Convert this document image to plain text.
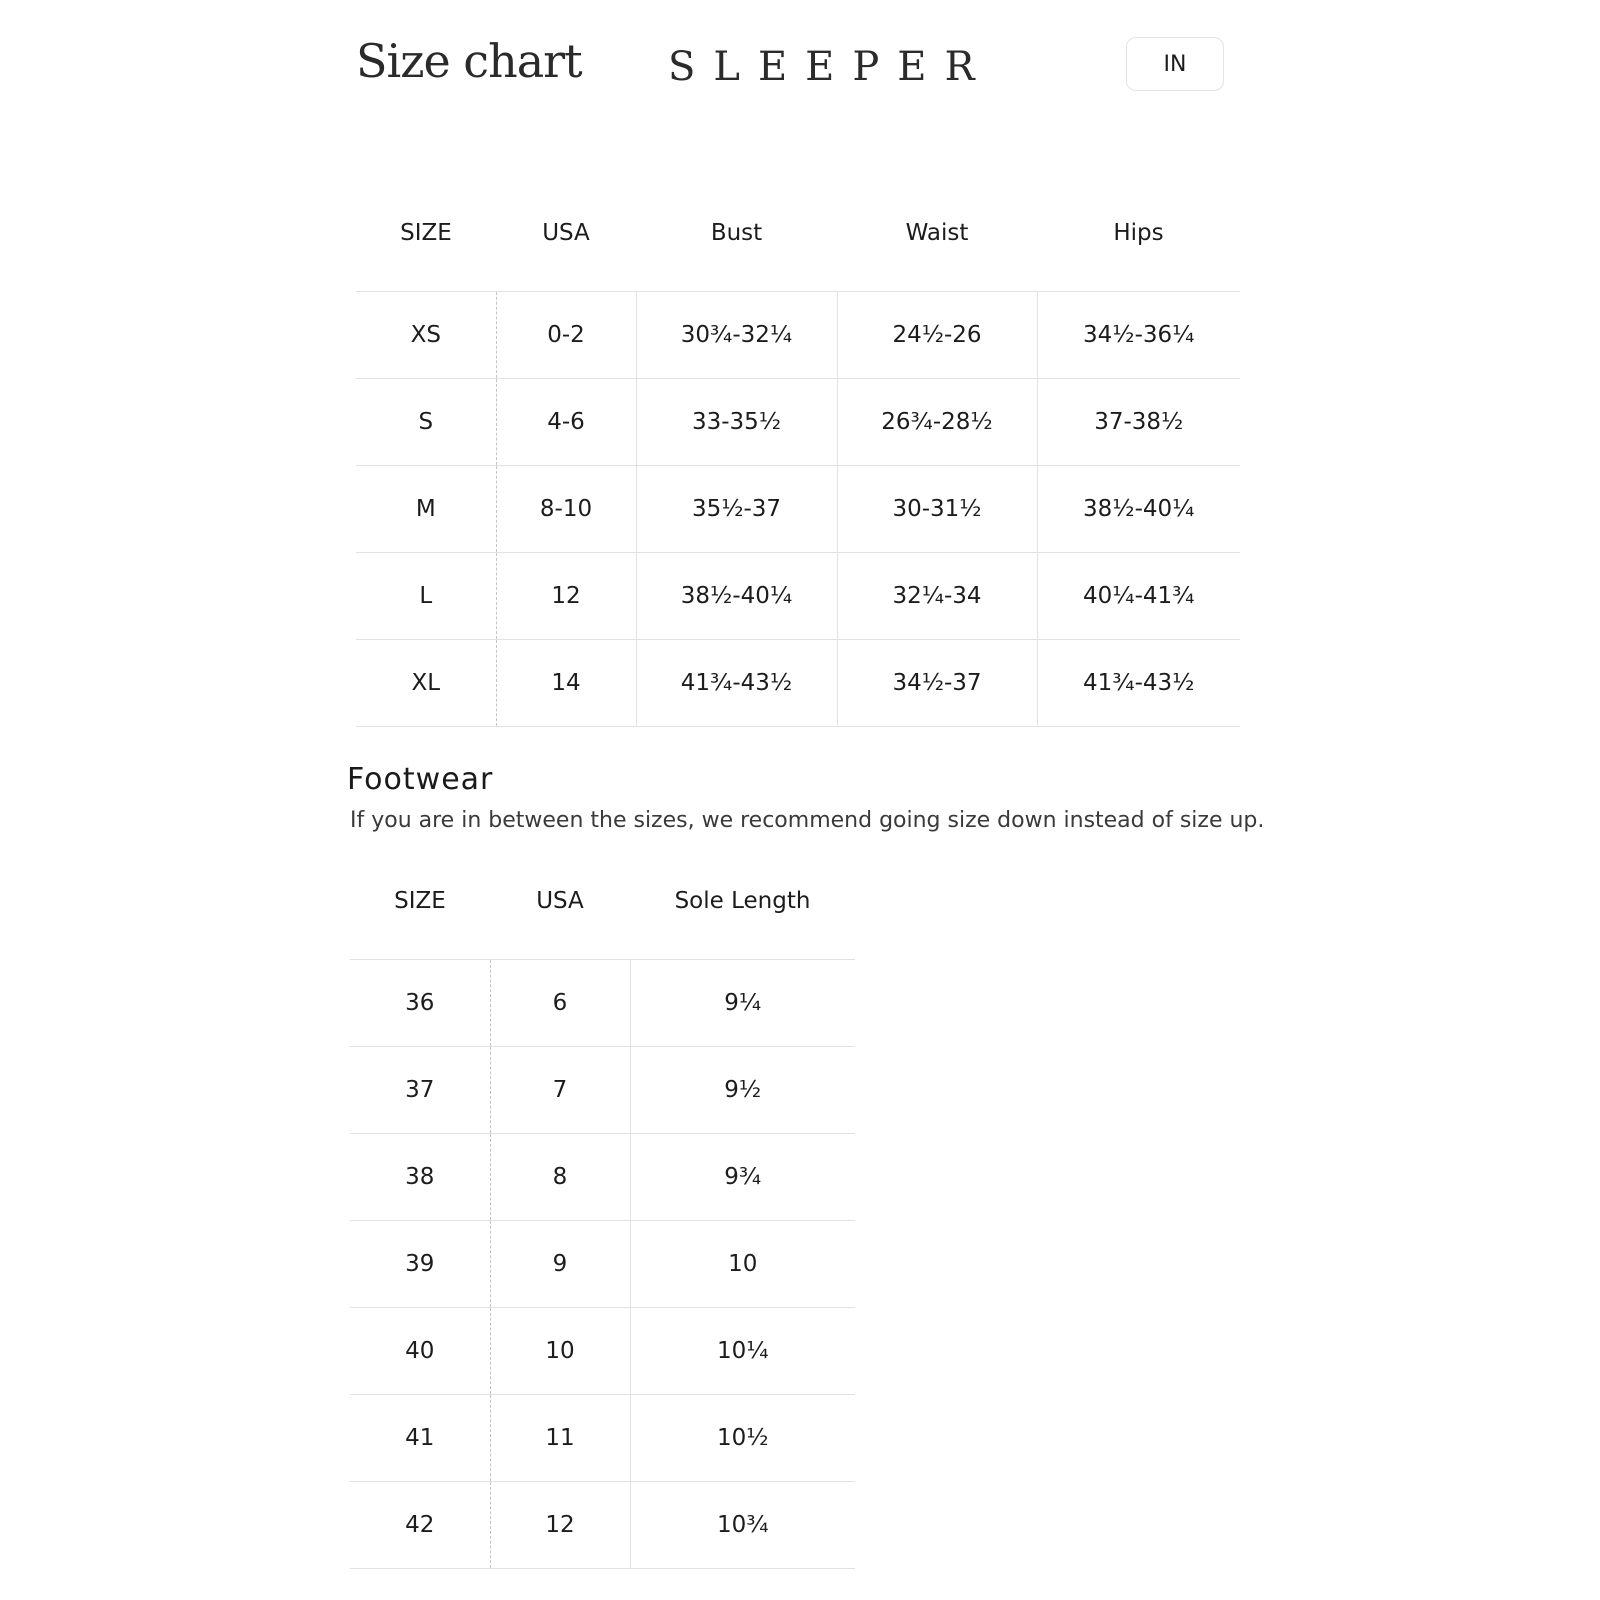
Size chart SLEEPER	IN
SIZE	USA	Bust	Waist	Hips
XS	0-2	30¾-32¼	24½-26	34½-36¼
S	4-6	33-35½	26¾-28½	37-38½
M	8-10	35½-37	30-31½	38½-40¼
L	12	38½-40¼	32¼-34	40¼-41¾
XL	14	41¾-43½	34½-37	41¾-43½
Footwear

If you are in between the sizes, we recommend going size down instead of size up.

SIZE	USA	Sole Length
36	6	9¼
37	7	9½
38	8	9¾
39	9	10
40	10	10¼
41	11	10½
42	12	10¾
